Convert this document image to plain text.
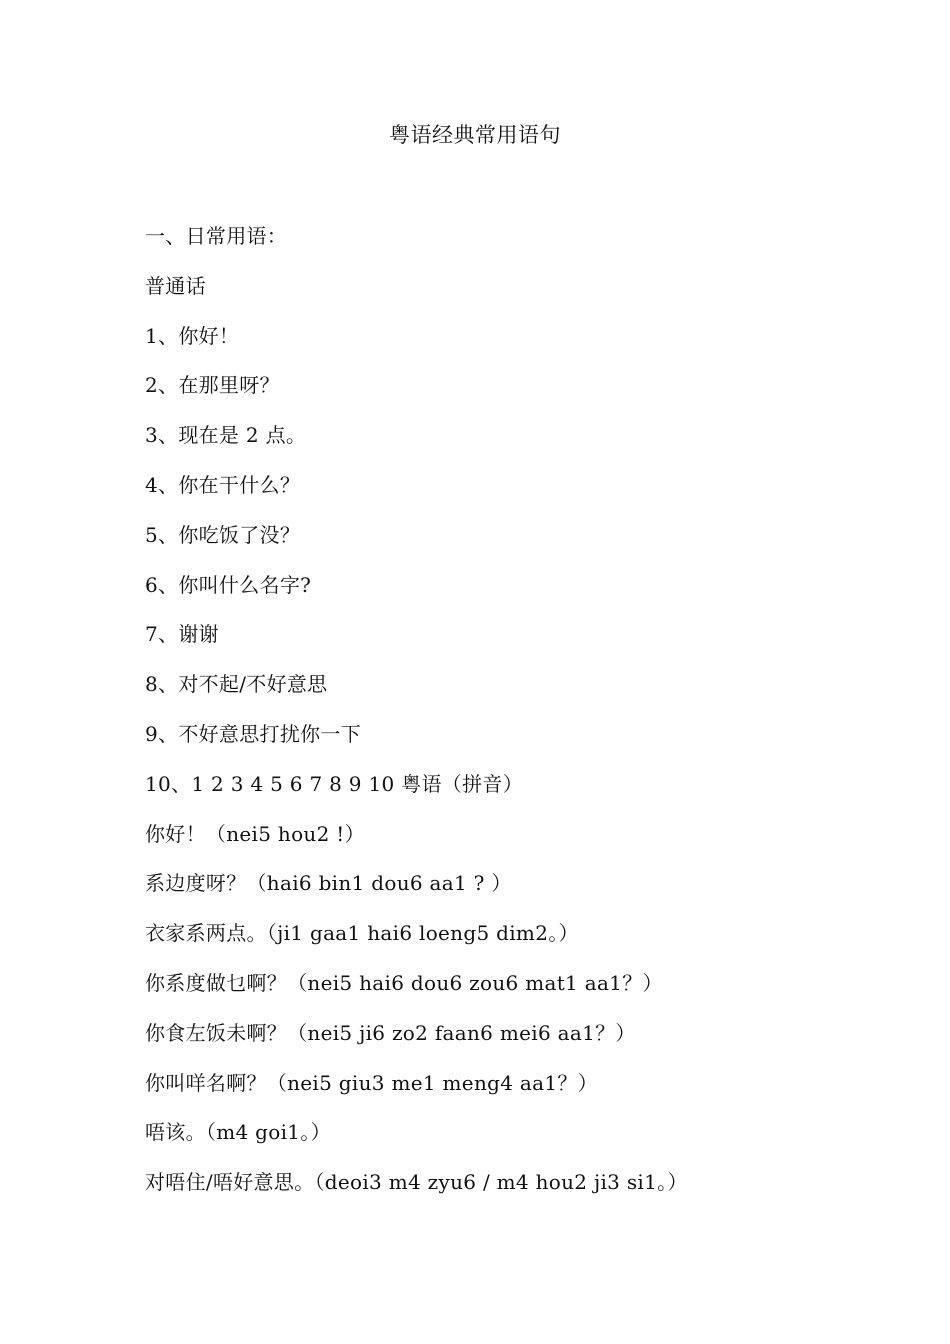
粤语经典常用语句
一、日常用语：
普通话
1、你好！
2、在那里呀？
3、现在是 2 点。
4、你在干什么？
5、你吃饭了没？
6、你叫什么名字?
7、谢谢
8、对不起/不好意思
9、不好意思打扰你一下
10、1 2 3 4 5 6 7 8 9 10 粤语（拼音）
你好！（nei5 hou2 !）
系边度呀？（hai6 bin1 dou6 aa1 ? ）
衣家系两点。（ji1 gaa1 hai6 loeng5 dim2。）
你系度做乜啊？（nei5 hai6 dou6 zou6 mat1 aa1？）
你食左饭未啊？（nei5 ji6 zo2 faan6 mei6 aa1？）
你叫咩名啊？（nei5 giu3 me1 meng4 aa1？）
唔该。（m4 goi1。）
对唔住/唔好意思。（deoi3 m4 zyu6 / m4 hou2 ji3 si1。）
